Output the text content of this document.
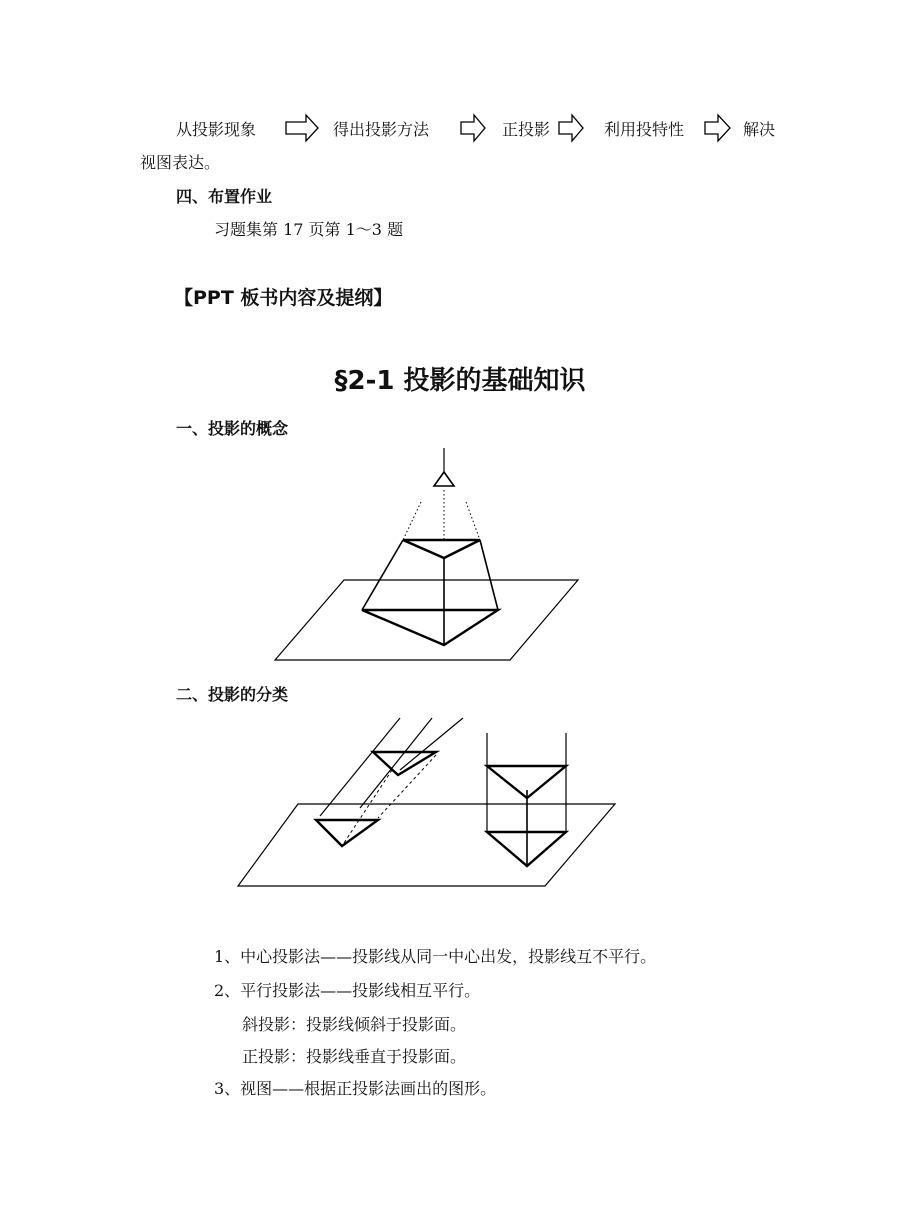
从投影现象	得出投影方法	正投影	利用投特性	解决
视图表达。
四、布置作业
习题集第 17 页第 1～3 题
【PPT 板书内容及提纲】
§2-1 投影的基础知识
一、投影的概念
二、投影的分类
1、中心投影法——投影线从同一中心出发，投影线互不平行。
2、平行投影法——投影线相互平行。
斜投影：投影线倾斜于投影面。
正投影：投影线垂直于投影面。
3、视图——根据正投影法画出的图形。
